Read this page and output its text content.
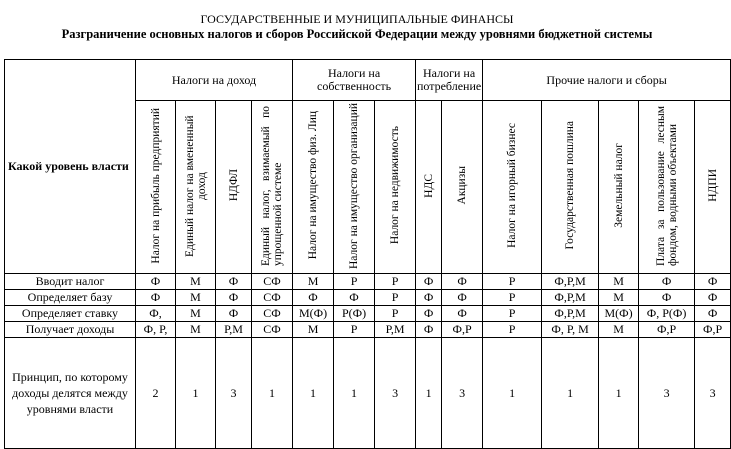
ГОСУДАРСТВЕННЫЕ И МУНИЦИПАЛЬНЫЕ ФИНАНСЫ
Разграничение основных налогов и сборов Российской Федерации между уровнями бюджетной системы
Какой уровень власти	Налоги на доход				Налоги на собственность			Налоги на потребление		Прочие налоги и сборы				
	Налог на прибыль предприятий	Единый налог на вмененный доход	НДФЛ	Единый налог, взимаемый по упрощенной системе	Налог на имущество физ. Лиц	Налог на имущество организаций	Налог на недвижимость	НДС	Акцизы	Налог на игорный бизнес	Государственная пошлина	Земельный налог	Плата за пользование лесным фондом, водными объектами	НДПИ
Вводит налог	Ф	М	Ф	СФ	М	Р	Р	Ф	Ф	Р	Ф,Р,М	М	Ф	Ф
Определяет базу	Ф	М	Ф	СФ	Ф	Ф	Р	Ф	Ф	Р	Ф,Р,М	М	Ф	Ф
Определяет ставку	Ф,	М	Ф	СФ	М(Ф)	Р(Ф)	Р	Ф	Ф	Р	Ф,Р,М	М(Ф)	Ф, Р(Ф)	Ф
Получает доходы	Ф, Р,	М	Р,М	СФ	М	Р	Р,М	Ф	Ф,Р	Р	Ф, Р, М	М	Ф,Р	Ф,Р
Принцип, по которому доходы делятся между уровнями власти	2	1	3	1	1	1	3	1	3	1	1	1	3	3
